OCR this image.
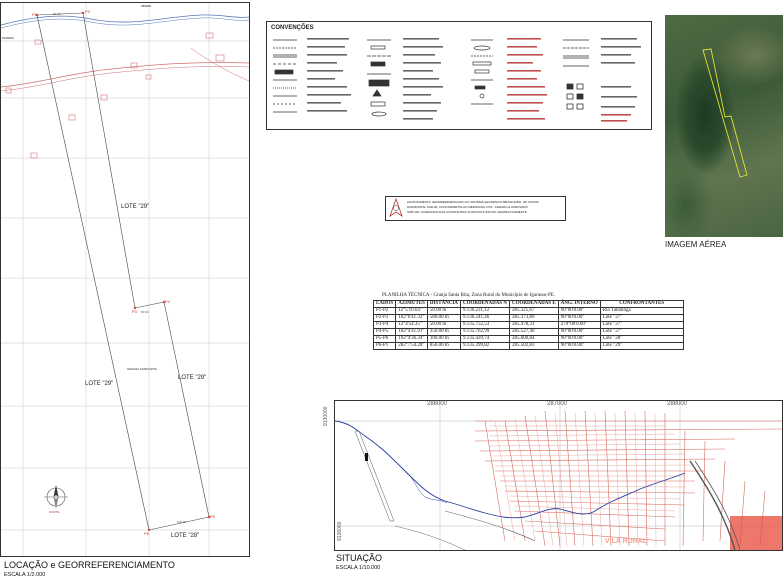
50.00
50.00
100.00
P1
P2
P3
P4
P5
P6
LOTE "29"
LOTE "29"
LOTE "29"
LOTE "28"
GRANJA SANTA RITA
NORTE
9136000
285000
LOCAÇÃO e GEORREFERENCIAMENTO
ESCALA 1/2.000
CONVENÇÕES
IMAGEM AÉREA
LEVANTAMENTO GEORREFERENCIADO AO SISTEMA GEODÉSICO BRASILEIRO, NO DATUM
HORIZONTAL SAD-69, CONCORRENTE AO MERIDIANO 27W - FERADO E APROVADO
SOB ORI. ACRESCIDA DAS CONSTANTES 10.000 KM E 500 KM, RESPECTIVAMENTE.
PLANILHA TÉCNICA - Granja Santa Rita, Zona Rural do Município de Igarassu-PE.
LADOS	AZIMUTES	DISTÂNCIA	COORDENADAS N	COORDENADAS E	ÂNG. INTERNO	CONFRONTANTES
P1-P2	12°5'10.64"	50.00 m	9.136.231,12	285.325,67	90°00'0.00"	Rio Tabatinga
P2-P3	102°6'41.32"	500.00 m	9.136.241,46	285.373,89	90°00'0.00"	Lote "27"
P3-P4	12°4'54.35"	50.00 m	9.135.752,53	285.478,31	270°00'0.00"	Lote "27"
P4-P5	102°4'41.91"	350.00 m	9.135.762,99	285.527,40	90°00'0.00"	Lote "27"
P5-P6	192°4'36.34"	100.00 m	9.135.420,74	285.600,84	90°00'0.00"	Lote "28"
P6-P1	282°7'54.28"	850.00 m	9.135.399,82	285.502,83	90°00'0.00"	Lote "29"
286000	287000	288000
9130000
9136000
VILA RURAL
SITUAÇÃO
ESCALA 1/10.000
